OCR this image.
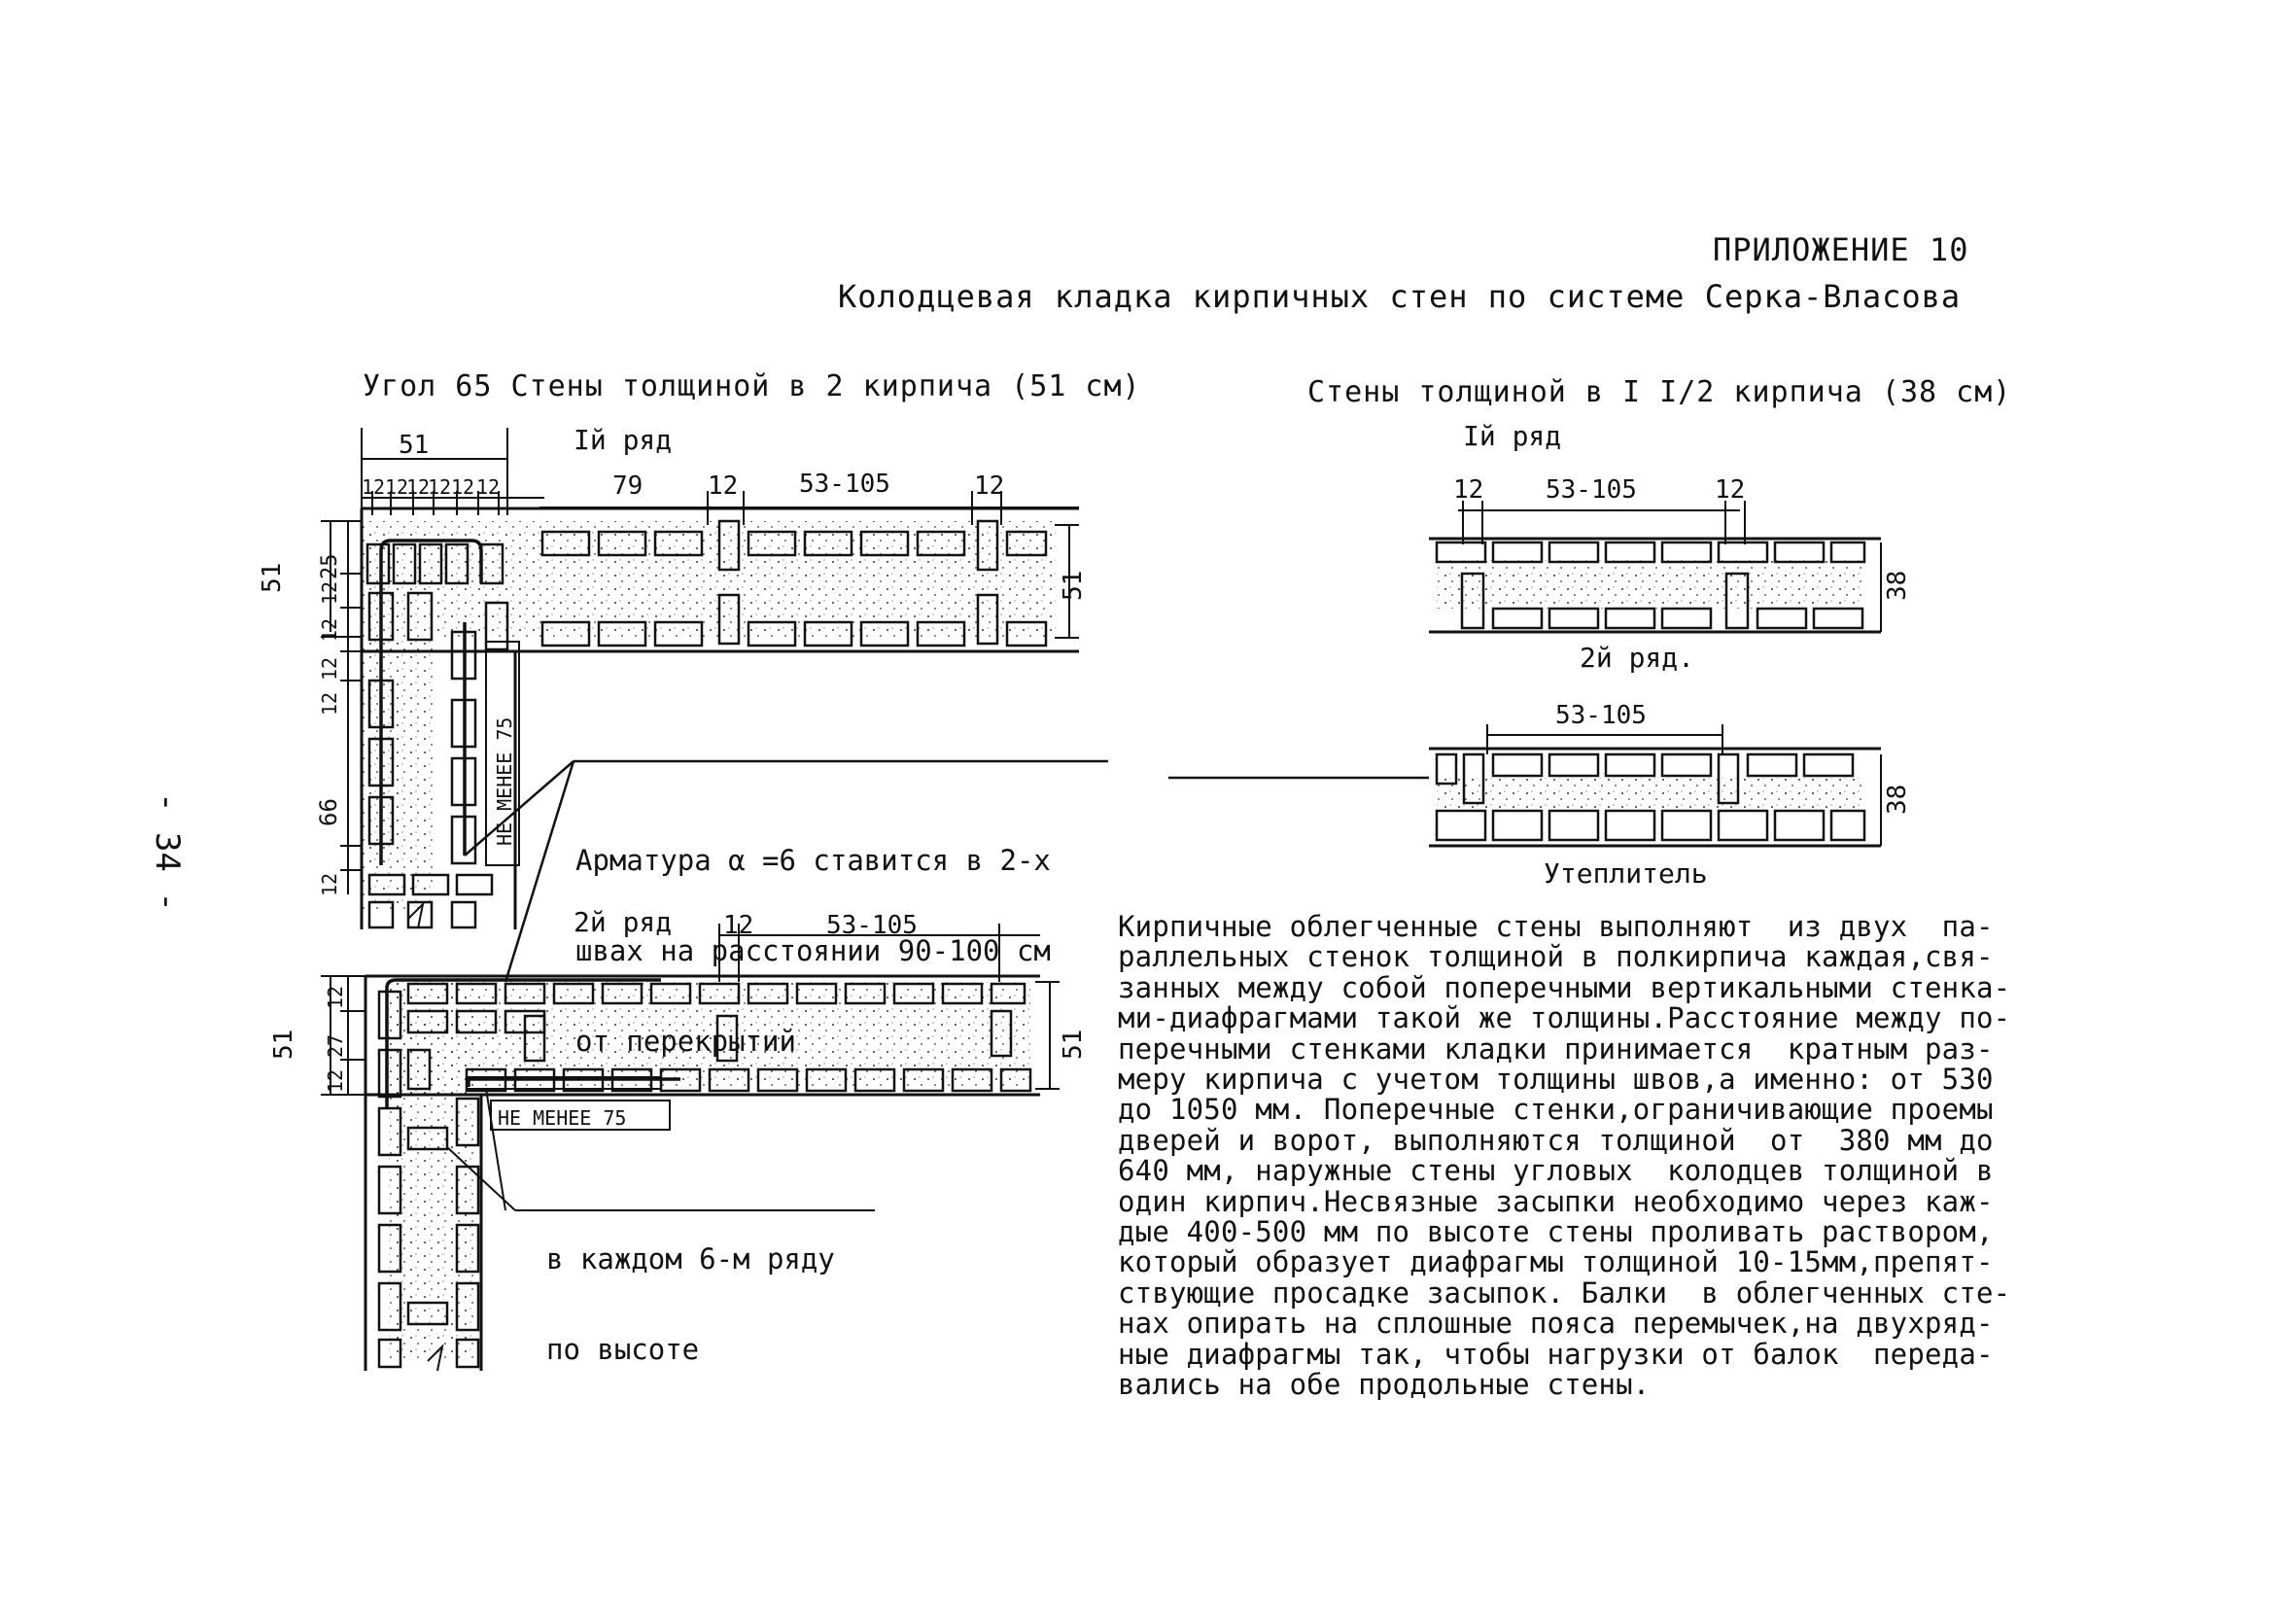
ПРИЛОЖЕНИЕ 10
Колодцевая кладка кирпичных стен по системе Серка-Власова
Угол 65 Стены толщиной в 2 кирпича (51 см)	Стены толщиной в I I/2 кирпича (38 см)
- 34 -
51
12 12
12
12 12 12	79	12 53-105	12
51 25
12
12
12
12
66
12
51
НЕ МЕНЕЕ 75
12	53-105
51
12
27
12
51
НЕ МЕНЕЕ 75
12 53-105	12
38
53-105
38
Iй ряд
2й ряд
Iй ряд
2й ряд.
Утеплитель

Арматура α =6 ставится в 2-х

швах на расстоянии 90-100 см

от перекрытий

в каждом 6-м ряду

по высоте

Кирпичные облегченные стены выполняют  из двух  па-
раллельных стенок толщиной в полкирпича каждая,свя-
занных между собой поперечными вертикальными стенка-
ми-диафрагмами такой же толщины.Расстояние между по-
перечными стенками кладки принимается  кратным раз-
меру кирпича с учетом толщины швов,а именно: от 530
до 1050 мм. Поперечные стенки,ограничивающие проемы
дверей и ворот, выполняются толщиной  от  380 мм до
640 мм, наружные стены угловых  колодцев толщиной в
один кирпич.Несвязные засыпки необходимо через каж-
дые 400-500 мм по высоте стены проливать раствором,
который образует диафрагмы толщиной 10-15мм,препят-
ствующие просадке засыпок. Балки  в облегченных сте-
нах опирать на сплошные пояса перемычек,на двухряд-
ные диафрагмы так, чтобы нагрузки от балок  переда-
вались на обе продольные стены.
